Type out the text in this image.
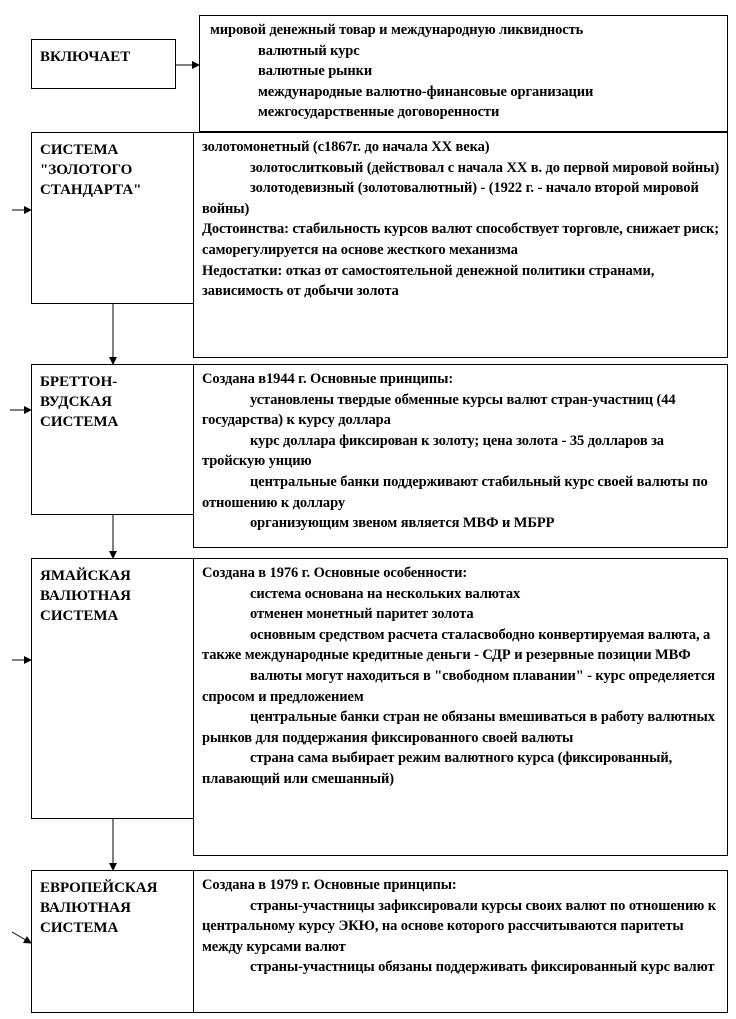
ВКЛЮЧАЕТ

мировой денежный товар и международную ликвидность

валютный курс

валютные рынки

международные валютно-финансовые организации

межгосударственные договоренности

СИСТЕМА
"ЗОЛОТОГО
СТАНДАРТА"

золотомонетный (с1867г. до начала XX века)

золотослитковый (действовал с начала XX в. до первой мировой войны)

золотодевизный (золотовалютный) - (1922 г. - начало второй мировой войны)

Достоинства: стабильность курсов валют способствует торговле, снижает риск; саморегулируется на основе жесткого механизма

Недостатки: отказ от самостоятельной денежной политики странами, зависимость от добычи золота

БРЕТТОН-
ВУДСКАЯ
СИСТЕМА

Создана в1944 г. Основные принципы:

установлены твердые обменные курсы валют стран-участниц (44 государства) к курсу доллара

курс доллара фиксирован к золоту; цена золота - 35 долларов за тройскую унцию

центральные банки поддерживают стабильный курс своей валюты по отношению к доллару

организующим звеном является МВФ и МБРР

ЯМАЙСКАЯ
ВАЛЮТНАЯ
СИСТЕМА

Создана в 1976 г. Основные особенности:

система основана на нескольких валютах

отменен монетный паритет золота

основным средством расчета сталасвободно конвертируемая валюта, а также международные кредитные деньги - СДР и резервные позиции МВФ

валюты могут находиться в "свободном плавании" - курс определяется спросом и предложением

центральные банки стран не обязаны вмешиваться в работу валютных рынков для поддержания фиксированного своей валюты

страна сама выбирает режим валютного курса (фиксированный, плавающий или смешанный)

ЕВРОПЕЙСКАЯ
ВАЛЮТНАЯ
СИСТЕМА

Создана в 1979 г. Основные принципы:

страны-участницы зафиксировали курсы своих валют по отношению к центральному курсу ЭКЮ, на основе которого рассчитываются паритеты между курсами валют

страны-участницы обязаны поддерживать фиксированный курс валют
